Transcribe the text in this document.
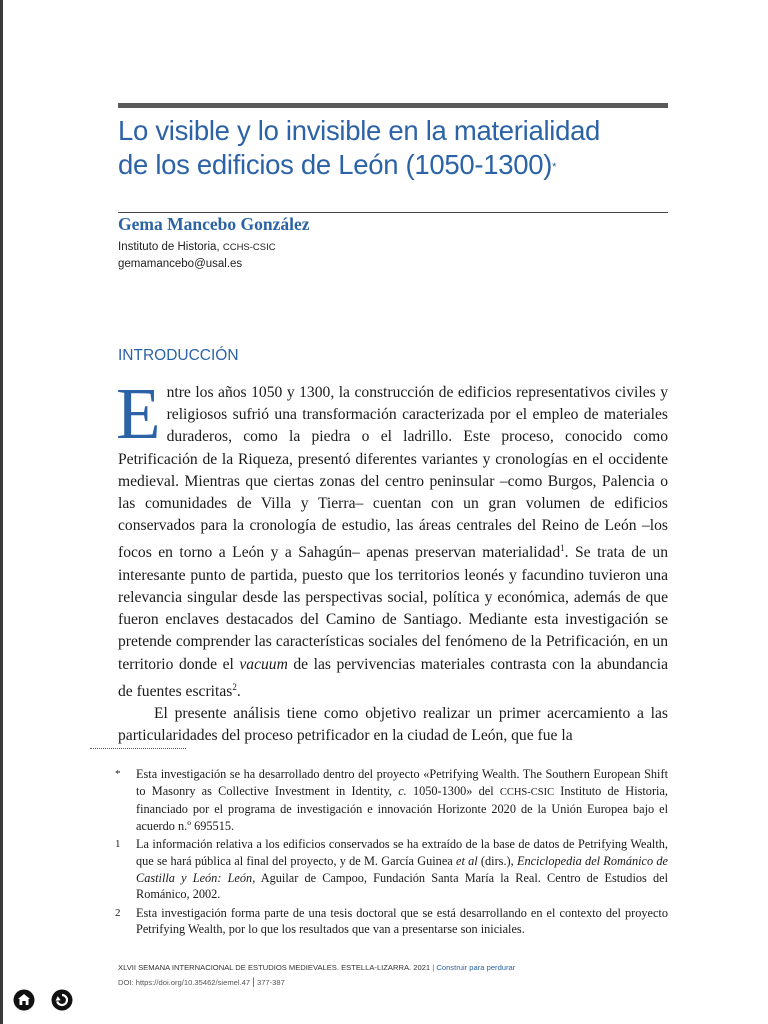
Lo visible y lo invisible en la materialidad
de los edificios de León (1050-1300)*
Gema Mancebo González
Instituto de Historia, CCHS-CSIC
gemamancebo@usal.es
INTRODUCCIÓN

Entre los años 1050 y 1300, la construcción de edificios representativos civiles y religiosos sufrió una transformación caracterizada por el empleo de materiales duraderos, como la piedra o el ladrillo. Este proceso, conocido como Petrificación de la Riqueza, presentó diferentes variantes y cronologías en el occidente medieval. Mientras que ciertas zonas del centro peninsular –como Burgos, Palencia o las comunidades de Villa y Tierra– cuentan con un gran volumen de edificios conservados para la cronología de estudio, las áreas centrales del Reino de León –los focos en torno a León y a Sahagún– apenas preservan materialidad$^1$. Se trata de un interesante punto de partida, puesto que los territorios leonés y facundino tuvieron una relevancia singular desde las perspectivas social, política y económica, además de que fueron enclaves destacados del Camino de Santiago. Mediante esta investigación se pretende comprender las características sociales del fenómeno de la Petrificación, en un territorio donde el vacuum de las pervivencias materiales contrasta con la abundancia de fuentes escritas$^2$.

El presente análisis tiene como objetivo realizar un primer acercamiento a las particularidades del proceso petrificador en la ciudad de León, que fue la

* Esta investigación se ha desarrollado dentro del proyecto «Petrifying Wealth. The Southern European Shift to Masonry as Collective Investment in Identity, c. 1050-1300» del CCHS-CSIC Instituto de Historia, financiado por el programa de investigación e innovación Horizonte 2020 de la Unión Europea bajo el acuerdo n.º 695515.
1 La información relativa a los edificios conservados se ha extraído de la base de datos de Petrifying Wealth, que se hará pública al final del proyecto, y de M. García Guinea et al (dirs.), Enciclopedia del Románico de Castilla y León: León, Aguilar de Campoo, Fundación Santa María la Real. Centro de Estudios del Románico, 2002.
2 Esta investigación forma parte de una tesis doctoral que se está desarrollando en el contexto del proyecto Petrifying Wealth, por lo que los resultados que van a presentarse son iniciales.
XLVII SEMANA INTERNACIONAL DE ESTUDIOS MEDIEVALES. ESTELLA-LIZARRA. 2021 | Construir para perdurar
DOI: https://doi.org/10.35462/siemel.47 | 377-387
